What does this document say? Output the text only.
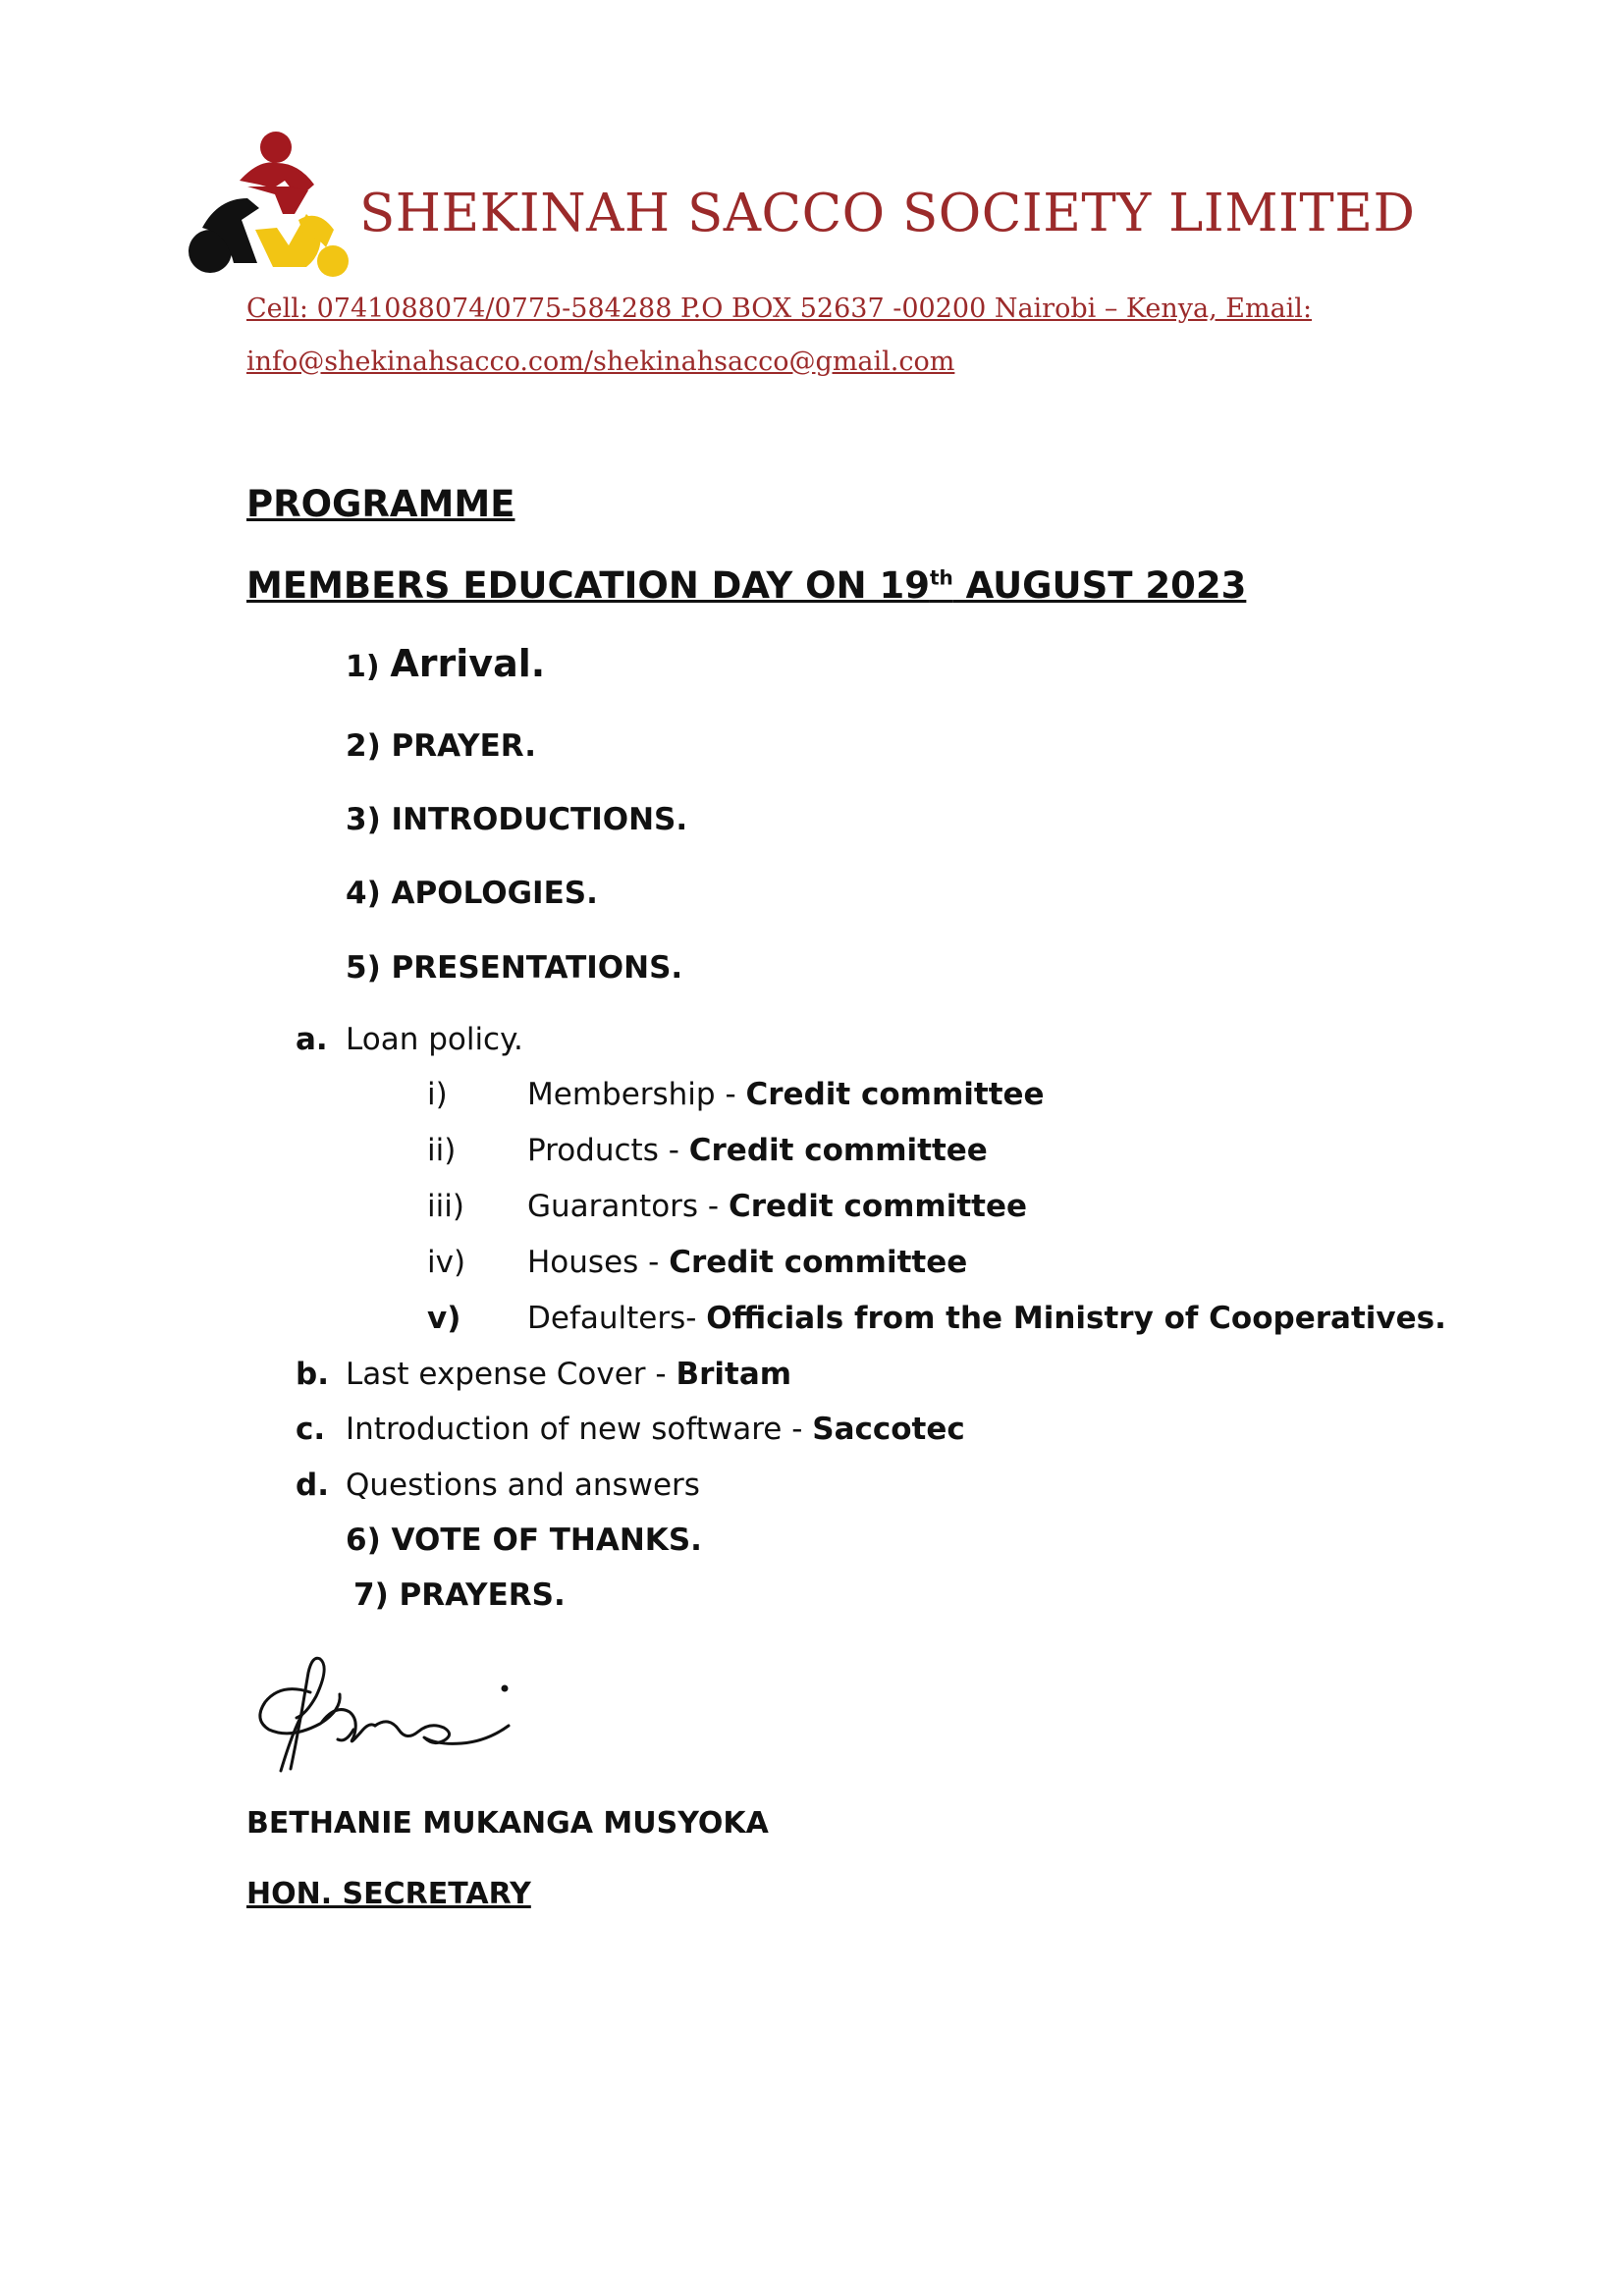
SHEKINAH SACCO SOCIETY LIMITED
Cell: 0741088074/0775-584288 P.O BOX 52637 -00200 Nairobi – Kenya, Email:
info@shekinahsacco.com/shekinahsacco@gmail.com
PROGRAMME
MEMBERS EDUCATION DAY ON 19th AUGUST 2023
1) Arrival.
2) PRAYER.
3) INTRODUCTIONS.
4) APOLOGIES.
5) PRESENTATIONS.
a. Loan policy.
i)	Membership - Credit committee
ii) Products - Credit committee
iii) Guarantors - Credit committee
iv) Houses - Credit committee
v) Defaulters- Officials from the Ministry of Cooperatives.
b. Last expense Cover - Britam
c. Introduction of new software - Saccotec
d. Questions and answers
6) VOTE OF THANKS.
7) PRAYERS.
BETHANIE MUKANGA MUSYOKA
HON. SECRETARY
